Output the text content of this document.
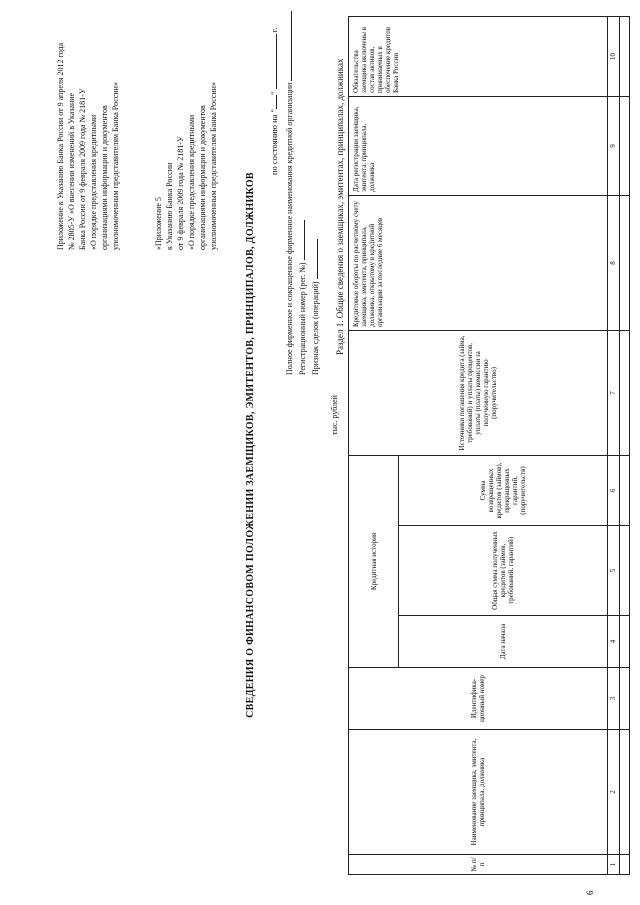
Приложение к Указанию Банка России от 9 апреля 2012 года № 2805-У «О внесении изменений в Указание Банка России от 9 февраля 2009 года № 2181-У «О порядке представления кредитными организациями информации и документов уполномоченным представителям Банка России»	«Приложение 5 к Указанию Банка России от 9 февраля 2009 года № 2181-У «О порядке представления кредитными организациями информации и документов уполномоченным представителям Банка России»
СВЕДЕНИЯ О ФИНАНСОВОМ ПОЛОЖЕНИИ ЗАЕМЩИКОВ, ЭМИТЕНТОВ, ПРИНЦИПАЛОВ, ДОЛЖНИКОВ
по состоянию на ""  г.
Полное фирменное и сокращенное фирменное наименования кредитной организации Регистрационный номер (рег. №) Признак сделок (операций)
тыс. рублей
Раздел 1. Общие сведения о заемщиках, эмитентах, принципалах, должниках
№ п/п	Наименование заемщика, эмитента, принципала, должника	Идентифика-ционный номер	Кредитная история			Источники погашения кредита (займа, требований) и уплаты процентов, уплаты (платы) комиссии за полученную гарантию (поручительство)	Кредитовые обороты по расчетному счету заемщика, эмитента, принципала, должника, открытому в кредитной организации за последние 6 месяцев	Дата регистрации заемщика, эмитента, принципала, должника	Обязательства заемщика включены в состав активов, принимаемых в обеспечение кредитов Банка России
			Дата начала	Общая сумма полученных кредитов (займов, требований, гарантий)	Сумма возвращенных кредитов (займов), прекращенных гарантий, (поручительств)				
1	2	3	4	5	6	7	8	9	10

6
